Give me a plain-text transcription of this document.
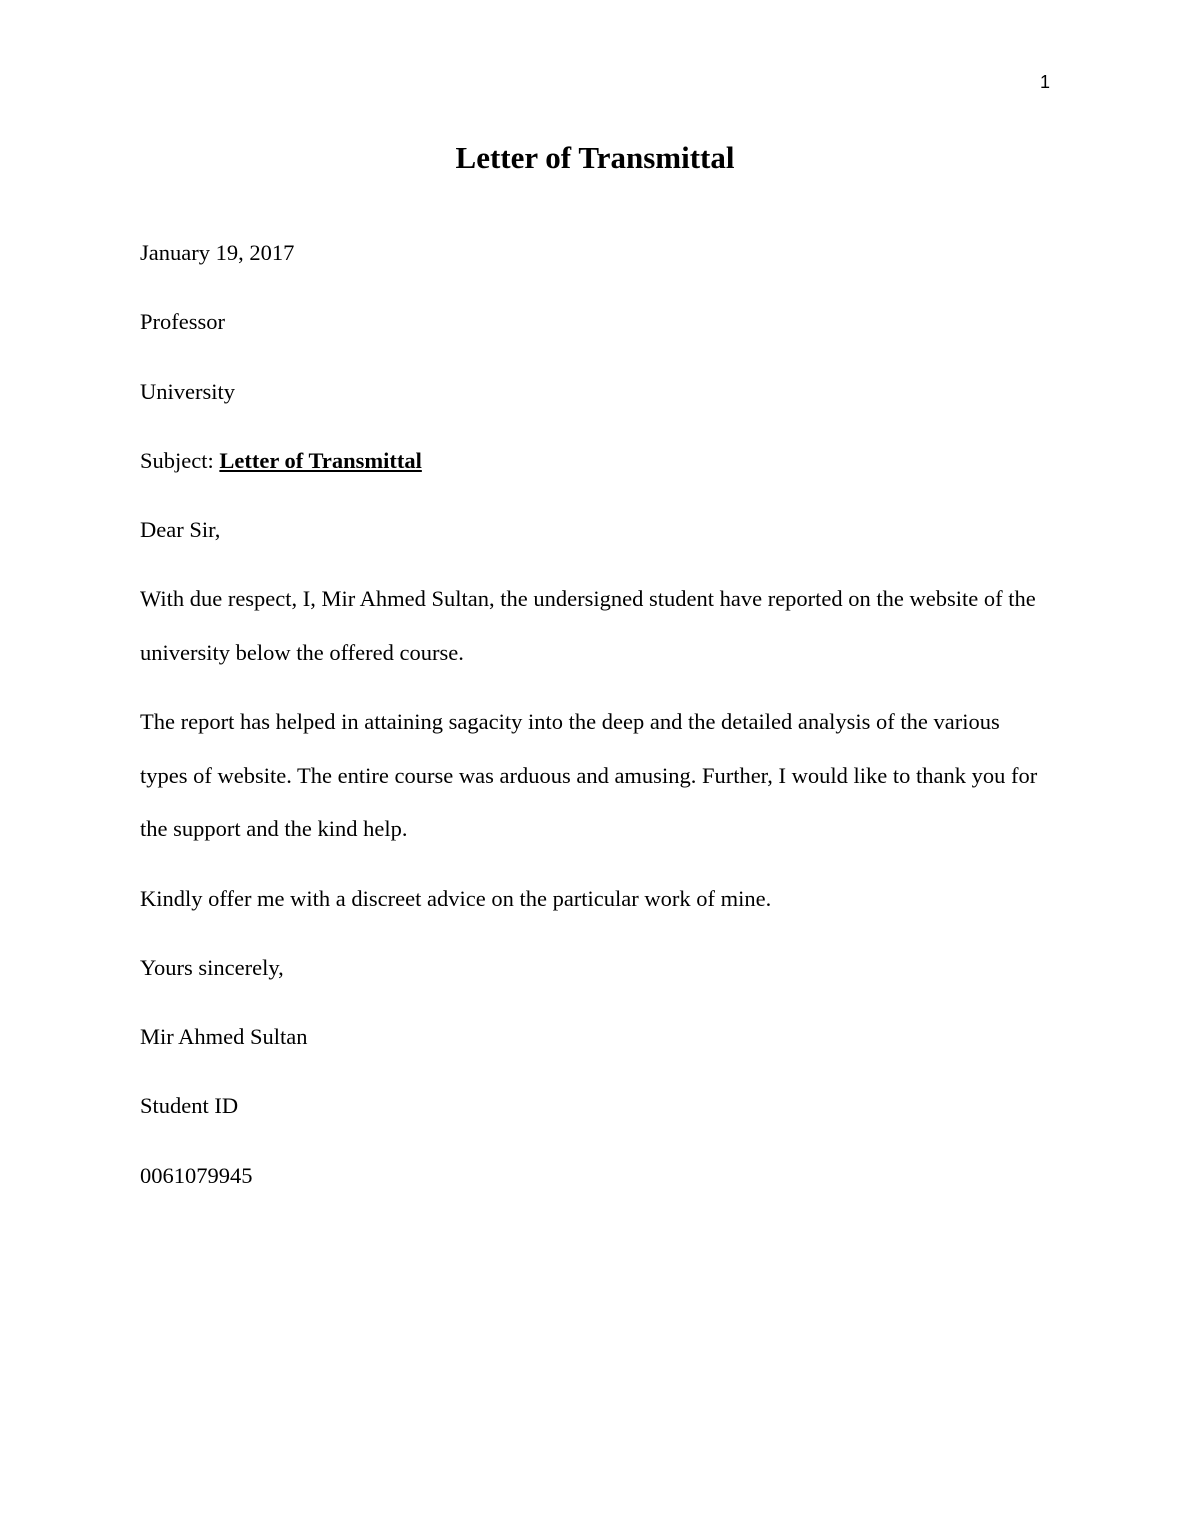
1
Letter of Transmittal

January 19, 2017

Professor

University

Subject: Letter of Transmittal

Dear Sir,

With due respect, I, Mir Ahmed Sultan, the undersigned student have reported on the website of the university below the offered course.

The report has helped in attaining sagacity into the deep and the detailed analysis of the various types of website. The entire course was arduous and amusing. Further, I would like to thank you for the support and the kind help.

Kindly offer me with a discreet advice on the particular work of mine.

Yours sincerely,

Mir Ahmed Sultan

Student ID

0061079945
